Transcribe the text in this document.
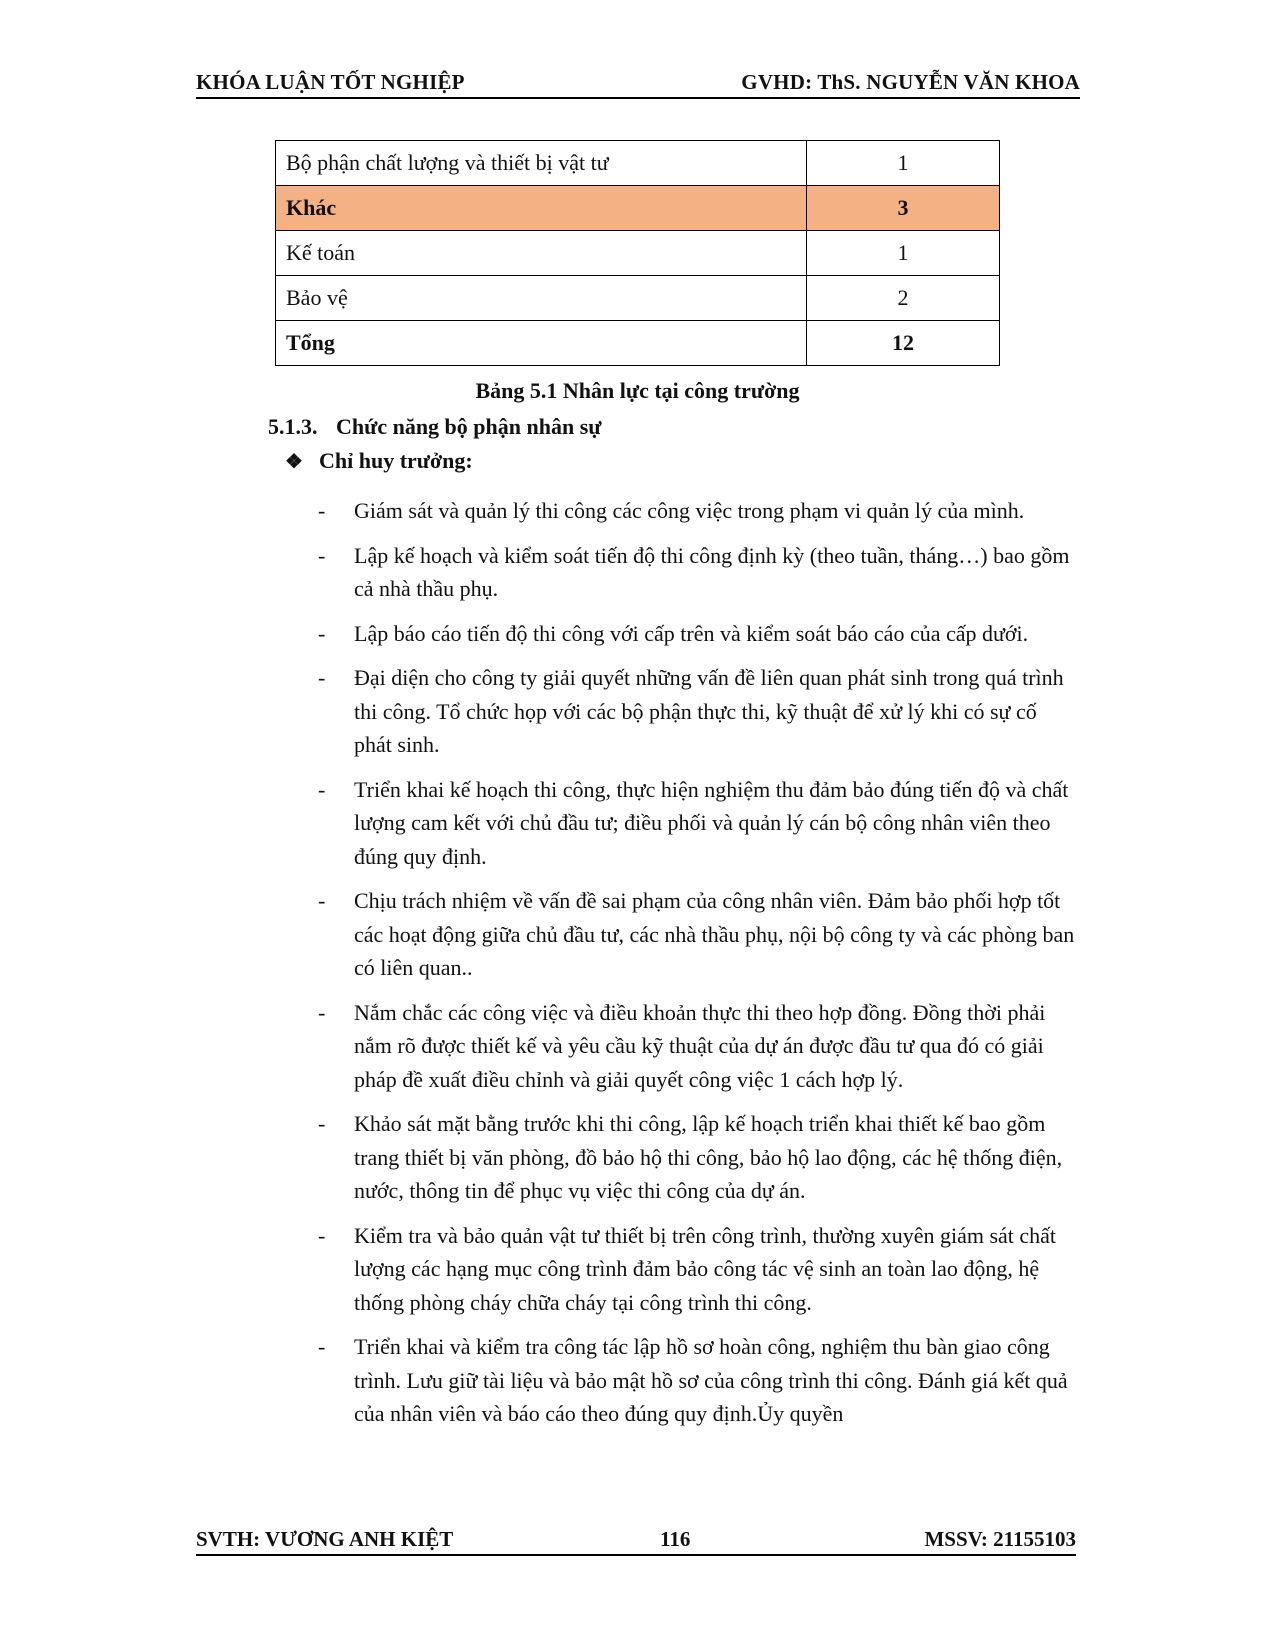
KHÓA LUẬN TỐT NGHIỆP	GVHD: ThS. NGUYỄN VĂN KHOA
Bộ phận chất lượng và thiết bị vật tư	1
Khác	3
Kế toán	1
Bảo vệ	2
Tổng	12
Bảng 5.1 Nhân lực tại công trường
5.1.3. Chức năng bộ phận nhân sự
❖ Chỉ huy trưởng:
- Giám sát và quản lý thi công các công việc trong phạm vi quản lý của mình.
- Lập kế hoạch và kiểm soát tiến độ thi công định kỳ (theo tuần, tháng…) bao gồm cả nhà thầu phụ.
- Lập báo cáo tiến độ thi công với cấp trên và kiểm soát báo cáo của cấp dưới.
- Đại diện cho công ty giải quyết những vấn đề liên quan phát sinh trong quá trình thi công. Tổ chức họp với các bộ phận thực thi, kỹ thuật để xử lý khi có sự cố phát sinh.
- Triển khai kế hoạch thi công, thực hiện nghiệm thu đảm bảo đúng tiến độ và chất lượng cam kết với chủ đầu tư; điều phối và quản lý cán bộ công nhân viên theo đúng quy định.
- Chịu trách nhiệm về vấn đề sai phạm của công nhân viên. Đảm bảo phối hợp tốt các hoạt động giữa chủ đầu tư, các nhà thầu phụ, nội bộ công ty và các phòng ban có liên quan..
- Nắm chắc các công việc và điều khoản thực thi theo hợp đồng. Đồng thời phải nắm rõ được thiết kế và yêu cầu kỹ thuật của dự án được đầu tư qua đó có giải pháp đề xuất điều chỉnh và giải quyết công việc 1 cách hợp lý.
- Khảo sát mặt bằng trước khi thi công, lập kế hoạch triển khai thiết kế bao gồm trang thiết bị văn phòng, đồ bảo hộ thi công, bảo hộ lao động, các hệ thống điện, nước, thông tin để phục vụ việc thi công của dự án.
- Kiểm tra và bảo quản vật tư thiết bị trên công trình, thường xuyên giám sát chất lượng các hạng mục công trình đảm bảo công tác vệ sinh an toàn lao động, hệ thống phòng cháy chữa cháy tại công trình thi công.
- Triển khai và kiểm tra công tác lập hồ sơ hoàn công, nghiệm thu bàn giao công trình. Lưu giữ tài liệu và bảo mật hồ sơ của công trình thi công. Đánh giá kết quả của nhân viên và báo cáo theo đúng quy định.Ủy quyền
SVTH: VƯƠNG ANH KIỆT	116	MSSV: 21155103
